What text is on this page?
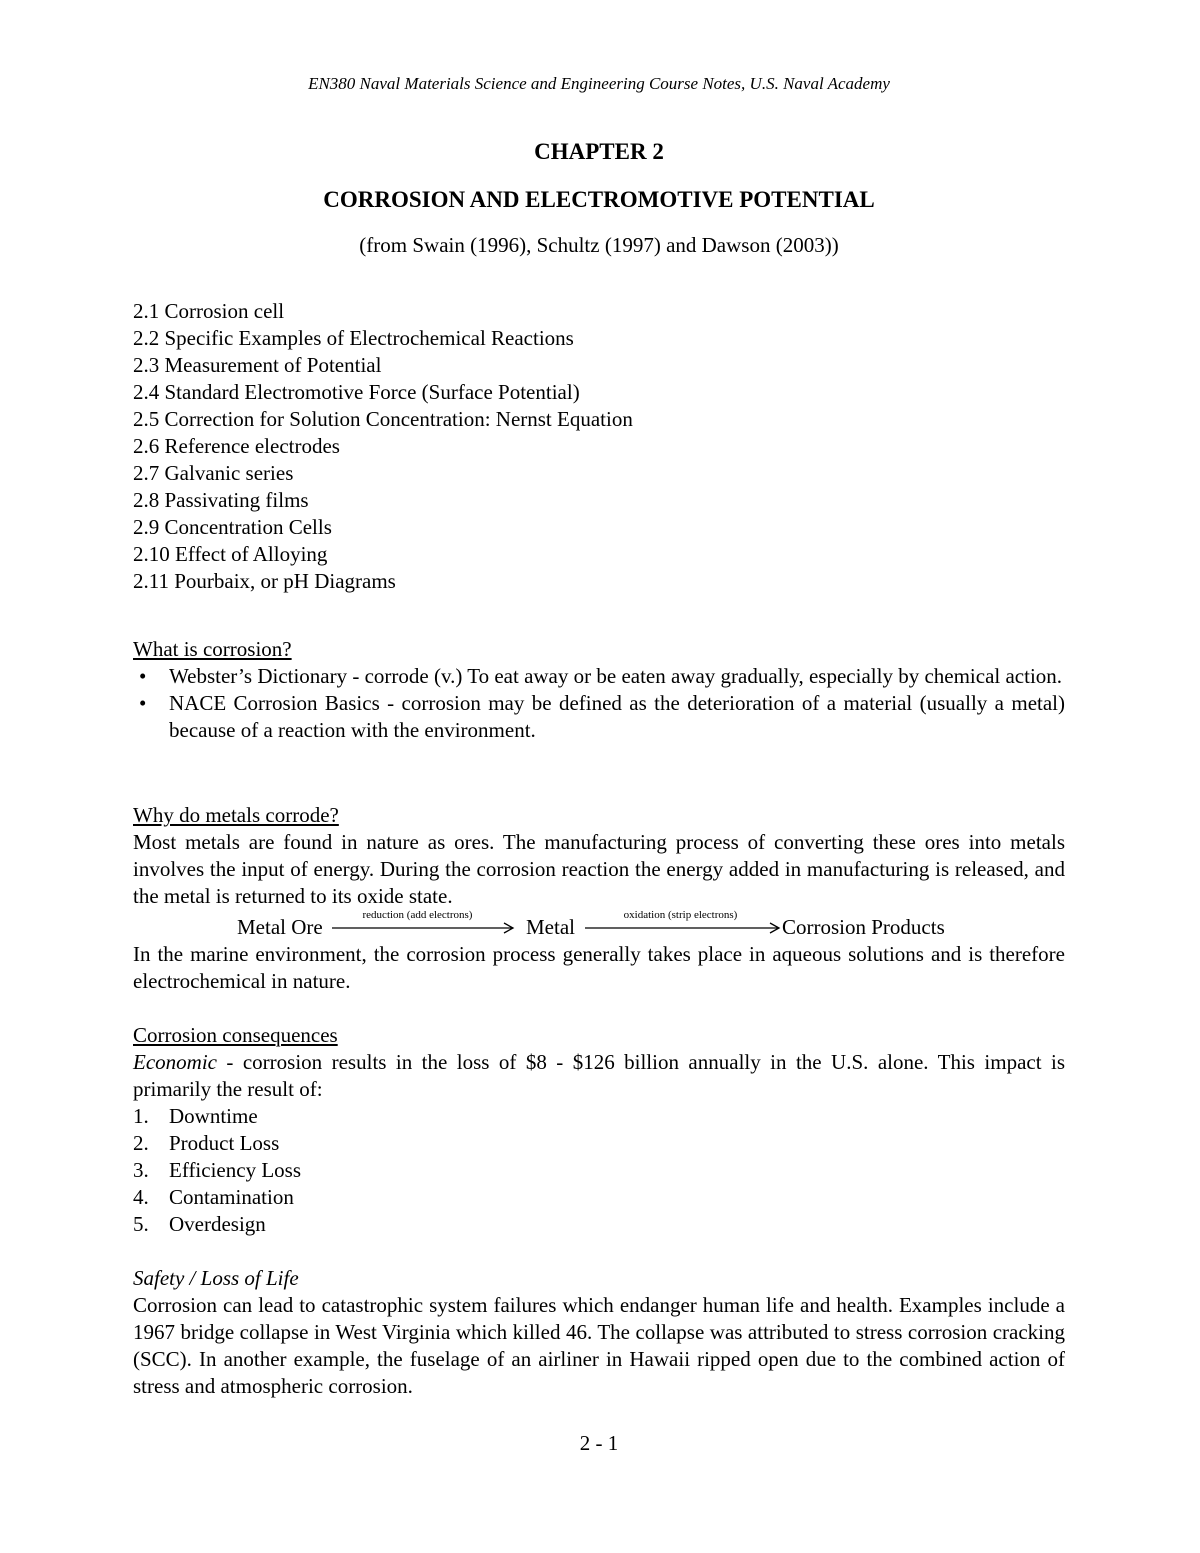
EN380 Naval Materials Science and Engineering Course Notes, U.S. Naval Academy
CHAPTER 2
CORROSION AND ELECTROMOTIVE POTENTIAL
(from Swain (1996), Schultz (1997) and Dawson (2003))
2.1 Corrosion cell
2.2 Specific Examples of Electrochemical Reactions
2.3 Measurement of Potential
2.4 Standard Electromotive Force (Surface Potential)
2.5 Correction for Solution Concentration: Nernst Equation
2.6 Reference electrodes
2.7 Galvanic series
2.8 Passivating films
2.9 Concentration Cells
2.10 Effect of Alloying
2.11 Pourbaix, or pH Diagrams
What is corrosion?
• Webster’s Dictionary - corrode (v.) To eat away or be eaten away gradually, especially by chemical action.
• NACE Corrosion Basics - corrosion may be defined as the deterioration of a material (usually a metal) because of a reaction with the environment.
Why do metals corrode?
Most metals are found in nature as ores. The manufacturing process of converting these ores into metals involves the input of energy. During the corrosion reaction the energy added in manufacturing is released, and the metal is returned to its oxide state.
Metal Ore	reduction (add electrons)	Metal	oxidation (strip electrons)	Corrosion Products
In the marine environment, the corrosion process generally takes place in aqueous solutions and is therefore electrochemical in nature.
Corrosion consequences
Economic - corrosion results in the loss of $8 - $126 billion annually in the U.S. alone. This impact is primarily the result of:
1. Downtime
2. Product Loss
3. Efficiency Loss
4. Contamination
5. Overdesign
Safety / Loss of Life
Corrosion can lead to catastrophic system failures which endanger human life and health. Examples include a 1967 bridge collapse in West Virginia which killed 46. The collapse was attributed to stress corrosion cracking (SCC). In another example, the fuselage of an airliner in Hawaii ripped open due to the combined action of stress and atmospheric corrosion.
2 - 1
